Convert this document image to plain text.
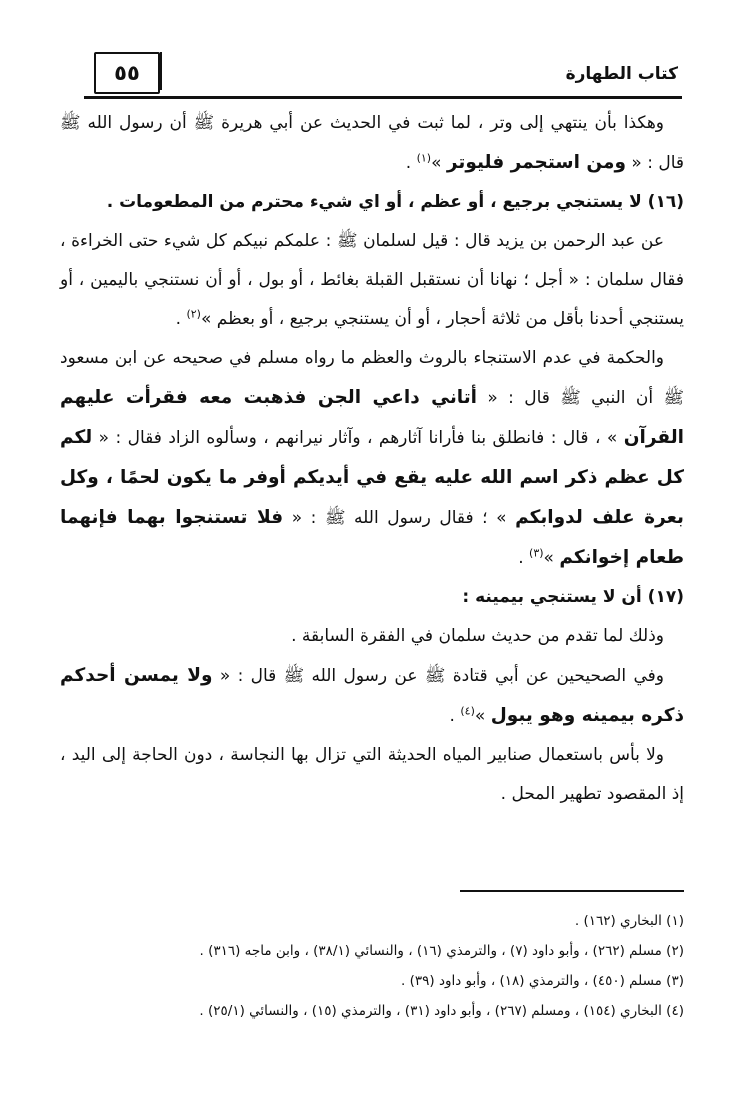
٥٥	كتاب الطهارة

وهكذا بأن ينتهي إلى وتر ، لما ثبت في الحديث عن أبي هريرة ﷺ أن رسول الله ﷺ قال : « ومن استجمر فليوتر »$^{(١)}$ .

(١٦) لا يستنجي برجيع ، أو عظم ، أو اي شيء محترم من المطعومات .

عن عبد الرحمن بن يزيد قال : قيل لسلمان ﷺ : علمكم نبيكم كل شيء حتى الخراءة ، فقال سلمان : « أجل ؛ نهانا أن نستقبل القبلة بغائط ، أو بول ، أو أن نستنجي باليمين ، أو يستنجي أحدنا بأقل من ثلاثة أحجار ، أو أن يستنجي برجيع ، أو بعظم »$^{(٢)}$ .

والحكمة في عدم الاستنجاء بالروث والعظم ما رواه مسلم في صحيحه عن ابن مسعود ﷺ أن النبي ﷺ قال : « أتاني داعي الجن فذهبت معه فقرأت عليهم القرآن » ، قال : فانطلق بنا فأرانا آثارهم ، وآثار نيرانهم ، وسألوه الزاد فقال : « لكم كل عظم ذكر اسم الله عليه يقع في أيديكم أوفر ما يكون لحمًا ، وكل بعرة علف لدوابكم » ؛ فقال رسول الله ﷺ : « فلا تستنجوا بهما فإنهما طعام إخوانكم »$^{(٣)}$ .

(١٧) أن لا يستنجي بيمينه :

وذلك لما تقدم من حديث سلمان في الفقرة السابقة .

وفي الصحيحين عن أبي قتادة ﷺ عن رسول الله ﷺ قال : « ولا يمسن أحدكم ذكره بيمينه وهو يبول »$^{(٤)}$ .

ولا بأس باستعمال صنابير المياه الحديثة التي تزال بها النجاسة ، دون الحاجة إلى اليد ، إذ المقصود تطهير المحل .

(١) البخاري (١٦٢) .

(٢) مسلم (٢٦٢) ، وأبو داود (٧) ، والترمذي (١٦) ، والنسائي (٣٨/١) ، وابن ماجه (٣١٦) .

(٣) مسلم (٤٥٠) ، والترمذي (١٨) ، وأبو داود (٣٩) .

(٤) البخاري (١٥٤) ، ومسلم (٢٦٧) ، وأبو داود (٣١) ، والترمذي (١٥) ، والنسائي (٢٥/١) .
